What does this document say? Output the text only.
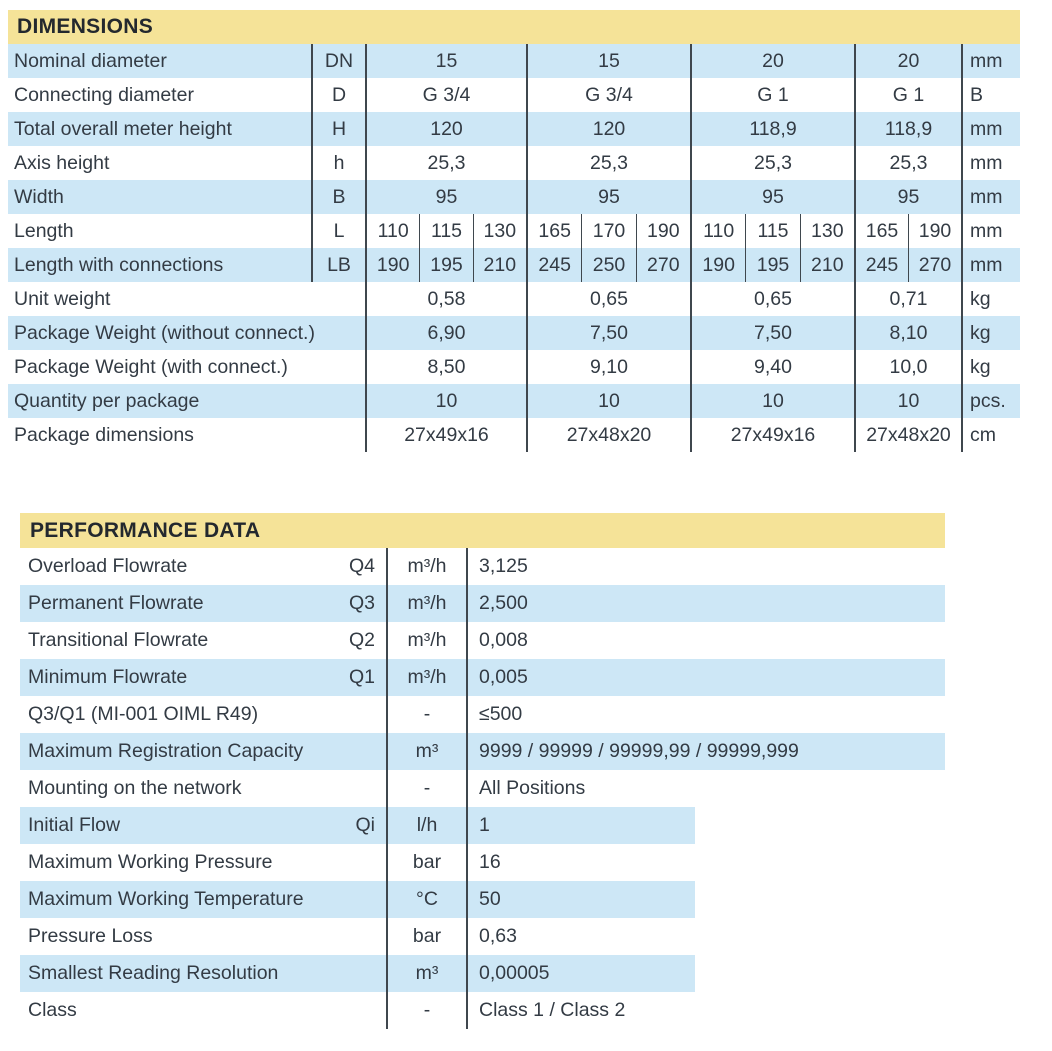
DIMENSIONS
Nominal diameter	DN	15	15	20	20	mm
Connecting diameter	D	G 3/4	G 3/4	G 1	G 1	B
Total overall meter height	H	120	120	118,9	118,9	mm
Axis height	h	25,3	25,3	25,3	25,3	mm
Width	B	95	95	95	95	mm
Length	L	110	115	130	165	170	190	110	115	130	165	190 mm
Length with connections	LB	190	195	210	245	250	270	190	195	210	245	270 mm
Unit weight	0,58	0,65	0,65	0,71	kg
Package Weight (without connect.)	6,90	7,50	7,50	8,10	kg
Package Weight (with connect.)	8,50	9,10	9,40	10,0	kg
Quantity per package	10	10	10	10	pcs.
Package dimensions	27x49x16	27x48x20	27x49x16	27x48x20 cm
PERFORMANCE DATA
Overload Flowrate	Q4	m³/h	3,125
Permanent Flowrate	Q3	m³/h	2,500
Transitional Flowrate	Q2	m³/h	0,008
Minimum Flowrate	Q1	m³/h	0,005
Q3/Q1 (MI-001 OIML R49)	-	≤500
Maximum Registration Capacity	m³	9999 / 99999 / 99999,99 / 99999,999
Mounting on the network	-	All Positions
Initial Flow	Qi	l/h	1
Maximum Working Pressure	bar	16
Maximum Working Temperature	°C	50
Pressure Loss	bar	0,63
Smallest Reading Resolution	m³	0,00005
Class	-	Class 1 / Class 2
